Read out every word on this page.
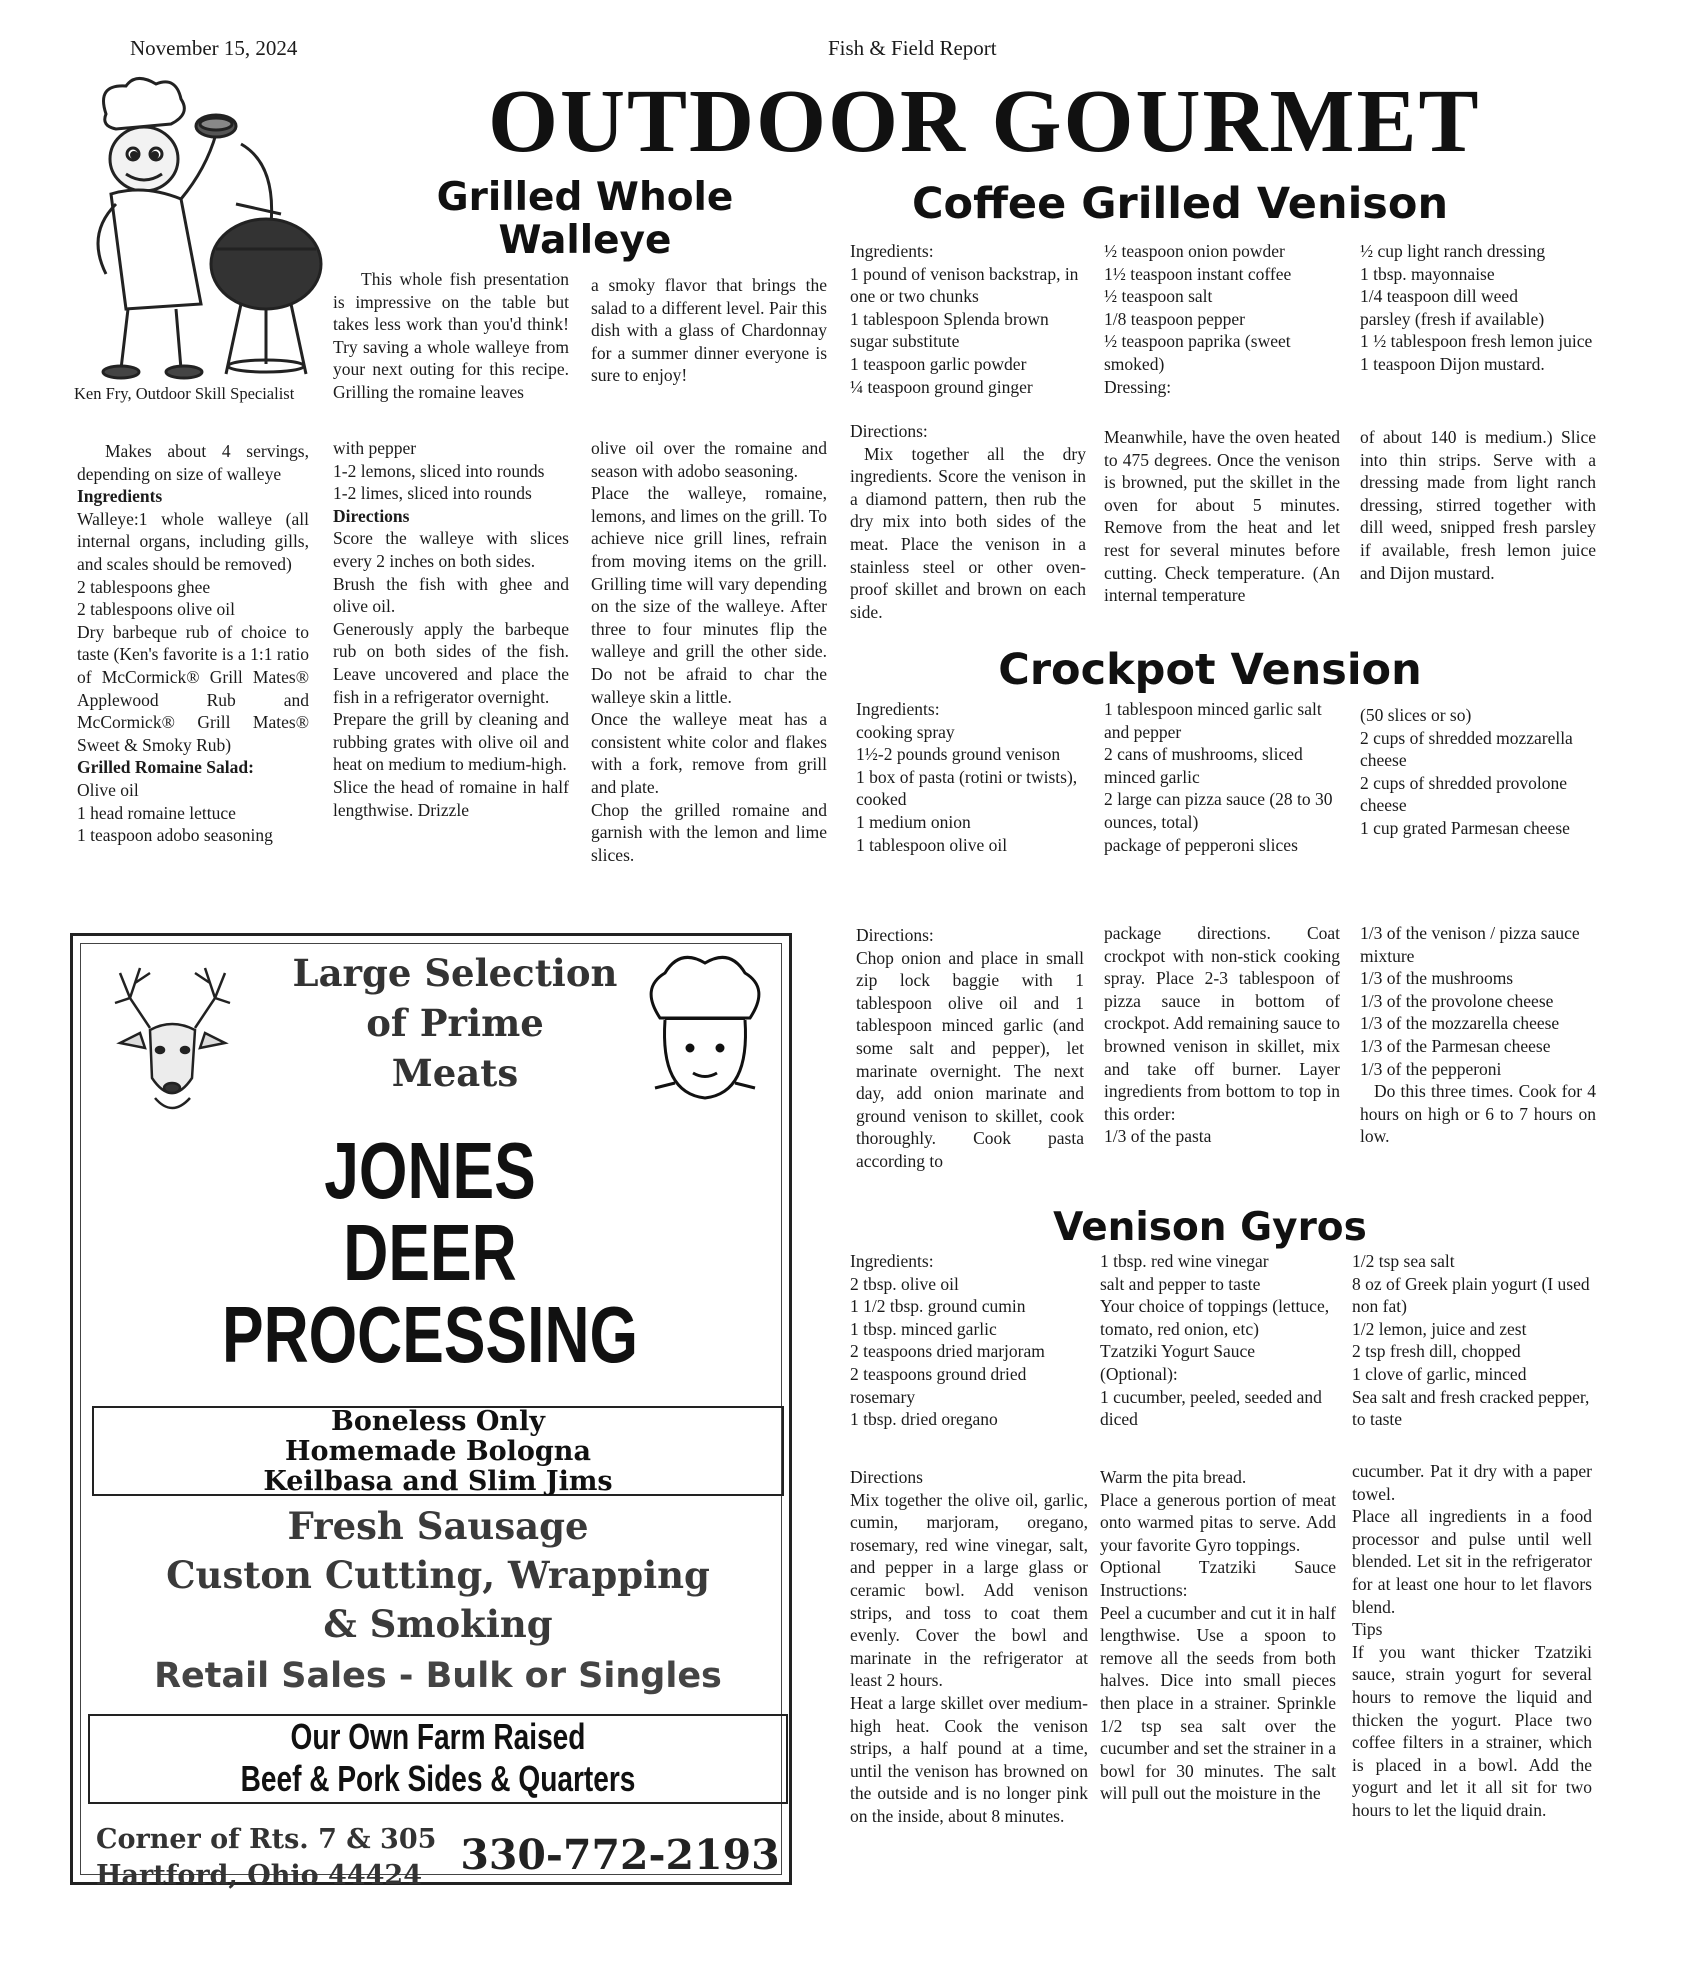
November 15, 2024	Fish & Field Report
OUTDOOR GOURMET
Ken Fry, Outdoor Skill Specialist
Grilled Whole
Walleye
This whole fish presentation is impressive on the table but takes less work than you'd think! Try saving a whole walleye from your next outing for this recipe. Grilling the romaine leaves
a smoky flavor that brings the salad to a different level. Pair this dish with a glass of Chardonnay for a summer dinner everyone is sure to enjoy!

Makes about 4 servings, depending on size of walleye

Ingredients

Walleye:1 whole walleye (all internal organs, including gills, and scales should be removed)

2 tablespoons ghee

2 tablespoons olive oil

Dry barbeque rub of choice to taste (Ken's favorite is a 1:1 ratio of McCormick® Grill Mates® Applewood Rub and McCormick® Grill Mates® Sweet & Smoky Rub)

Grilled Romaine Salad:

Olive oil

1 head romaine lettuce

1 teaspoon adobo seasoning

with pepper

1-2 lemons, sliced into rounds

1-2 limes, sliced into rounds

Directions

Score the walleye with slices every 2 inches on both sides.

Brush the fish with ghee and olive oil.

Generously apply the barbeque rub on both sides of the fish. Leave uncovered and place the fish in a refrigerator overnight.

Prepare the grill by cleaning and rubbing grates with olive oil and heat on medium to medium-high.

Slice the head of romaine in half lengthwise. Drizzle

olive oil over the romaine and season with adobo seasoning.

Place the walleye, romaine, lemons, and limes on the grill. To achieve nice grill lines, refrain from moving items on the grill. Grilling time will vary depending on the size of the walleye. After three to four minutes flip the walleye and grill the other side. Do not be afraid to char the walleye skin a little.

Once the walleye meat has a consistent white color and flakes with a fork, remove from grill and plate.

Chop the grilled romaine and garnish with the lemon and lime slices.

Coffee Grilled Venison

Ingredients:

1 pound of venison backstrap, in one or two chunks

1 tablespoon Splenda brown sugar substitute

1 teaspoon garlic powder

¼ teaspoon ground ginger

½ teaspoon onion powder

1½ teaspoon instant coffee

½ teaspoon salt

1/8 teaspoon pepper

½ teaspoon paprika (sweet smoked)

Dressing:

½ cup light ranch dressing

1 tbsp. mayonnaise

1/4 teaspoon dill weed

parsley (fresh if available)

1 ½ tablespoon fresh lemon juice

1 teaspoon Dijon mustard.

Directions:

Mix together all the dry ingredients. Score the venison in a diamond pattern, then rub the dry mix into both sides of the meat. Place the venison in a stainless steel or other oven-proof skillet and brown on each side.

Meanwhile, have the oven heated to 475 degrees. Once the venison is browned, put the skillet in the oven for about 5 minutes. Remove from the heat and let rest for several minutes before cutting. Check temperature. (An internal temperature
of about 140 is medium.) Slice into thin strips. Serve with a dressing made from light ranch dressing, stirred together with dill weed, snipped fresh parsley if available, fresh lemon juice and Dijon mustard.
Crockpot Vension

Ingredients:

cooking spray

1½-2 pounds ground venison

1 box of pasta (rotini or twists), cooked

1 medium onion

1 tablespoon olive oil

1 tablespoon minced garlic salt and pepper

2 cans of mushrooms, sliced

minced garlic

2 large can pizza sauce (28 to 30 ounces, total)

package of pepperoni slices

(50 slices or so)

2 cups of shredded mozzarella cheese

2 cups of shredded provolone cheese

1 cup grated Parmesan cheese

Directions:

Chop onion and place in small zip lock baggie with 1 tablespoon olive oil and 1 tablespoon minced garlic (and some salt and pepper), let marinate overnight. The next day, add onion marinate and ground venison to skillet, cook thoroughly. Cook pasta according to

package directions. Coat crockpot with non-stick cooking spray. Place 2-3 tablespoon of pizza sauce in bottom of crockpot. Add remaining sauce to browned venison in skillet, mix and take off burner. Layer ingredients from bottom to top in this order:

1/3 of the pasta

1/3 of the venison / pizza sauce mixture

1/3 of the mushrooms

1/3 of the provolone cheese

1/3 of the mozzarella cheese

1/3 of the Parmesan cheese

1/3 of the pepperoni

Do this three times. Cook for 4 hours on high or 6 to 7 hours on low.

Venison Gyros

Ingredients:

2 tbsp. olive oil

1 1/2 tbsp. ground cumin

1 tbsp. minced garlic

2 teaspoons dried marjoram

2 teaspoons ground dried rosemary

1 tbsp. dried oregano

1 tbsp. red wine vinegar

salt and pepper to taste

Your choice of toppings (lettuce, tomato, red onion, etc)

Tzatziki Yogurt Sauce (Optional):

1 cucumber, peeled, seeded and diced

1/2 tsp sea salt

8 oz of Greek plain yogurt (I used non fat)

1/2 lemon, juice and zest

2 tsp fresh dill, chopped

1 clove of garlic, minced

Sea salt and fresh cracked pepper, to taste

Directions

Mix together the olive oil, garlic, cumin, marjoram, oregano, rosemary, red wine vinegar, salt, and pepper in a large glass or ceramic bowl. Add venison strips, and toss to coat them evenly. Cover the bowl and marinate in the refrigerator at least 2 hours.

Heat a large skillet over medium-high heat. Cook the venison strips, a half pound at a time, until the venison has browned on the outside and is no longer pink on the inside, about 8 minutes.

Warm the pita bread.

Place a generous portion of meat onto warmed pitas to serve. Add your favorite Gyro toppings.

Optional Tzatziki Sauce Instructions:

Peel a cucumber and cut it in half lengthwise. Use a spoon to remove all the seeds from both halves. Dice into small pieces then place in a strainer. Sprinkle 1/2 tsp sea salt over the cucumber and set the strainer in a bowl for 30 minutes. The salt will pull out the moisture in the

cucumber. Pat it dry with a paper towel.

Place all ingredients in a food processor and pulse until well blended. Let sit in the refrigerator for at least one hour to let flavors blend.

Tips

If you want thicker Tzatziki sauce, strain yogurt for several hours to remove the liquid and thicken the yogurt. Place two coffee filters in a strainer, which is placed in a bowl. Add the yogurt and let it all sit for two hours to let the liquid drain.

Large Selection
of Prime
Meats
JONES
DEER
PROCESSING
Boneless Only
Homemade Bologna
Keilbasa and Slim Jims
Fresh Sausage
Custon Cutting, Wrapping
& Smoking
Retail Sales - Bulk or Singles
Our Own Farm Raised
Beef & Pork Sides & Quarters
Corner of Rts. 7 & 305
Hartford, Ohio 44424 330-772-2193
